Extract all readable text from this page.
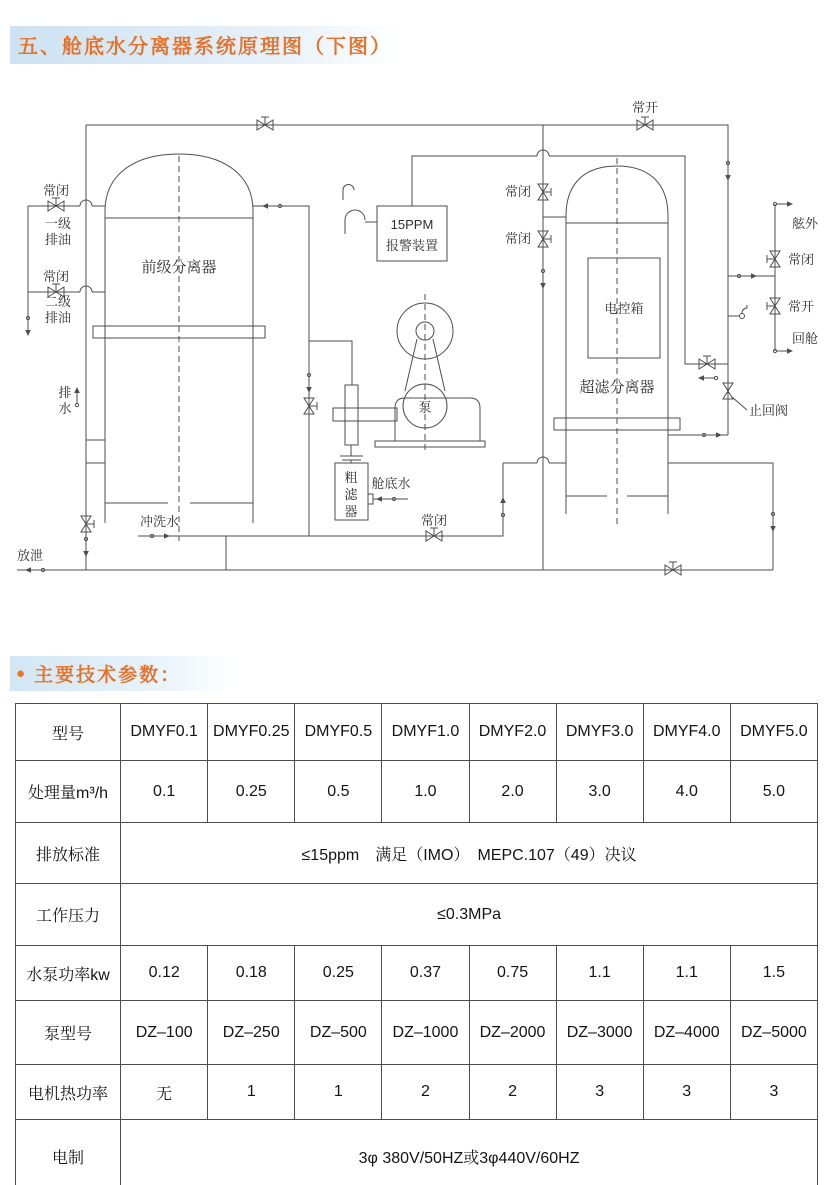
五、舱底水分离器系统原理图（下图）
前级分离器
超滤分离器
电控箱
15PPM
报警装置
泵
粗
滤
器
常闭
一级
排油
常闭
二级
排油
排
水
冲洗水
放泄
常闭
舱底水
常闭
常闭
常开
舷外
常闭
常开
回舱
止回阀
● 主要技术参数：
型号	DMYF0.1	DMYF0.25	DMYF0.5	DMYF1.0	DMYF2.0	DMYF3.0	DMYF4.0	DMYF5.0
处理量m³/h	0.1	0.25	0.5	1.0	2.0	3.0	4.0	5.0
排放标准	≤15ppm　满足（IMO）　MEPC.107（49）决议							
工作压力	≤0.3MPa							
水泵功率kw	0.12	0.18	0.25	0.37	0.75	1.1	1.1	1.5
泵型号	DZ–100	DZ–250	DZ–500	DZ–1000	DZ–2000	DZ–3000	DZ–4000	DZ–5000
电机热功率	无	1	1	2	2	3	3	3
电制	3φ 380V/50HZ或3φ440V/60HZ							
